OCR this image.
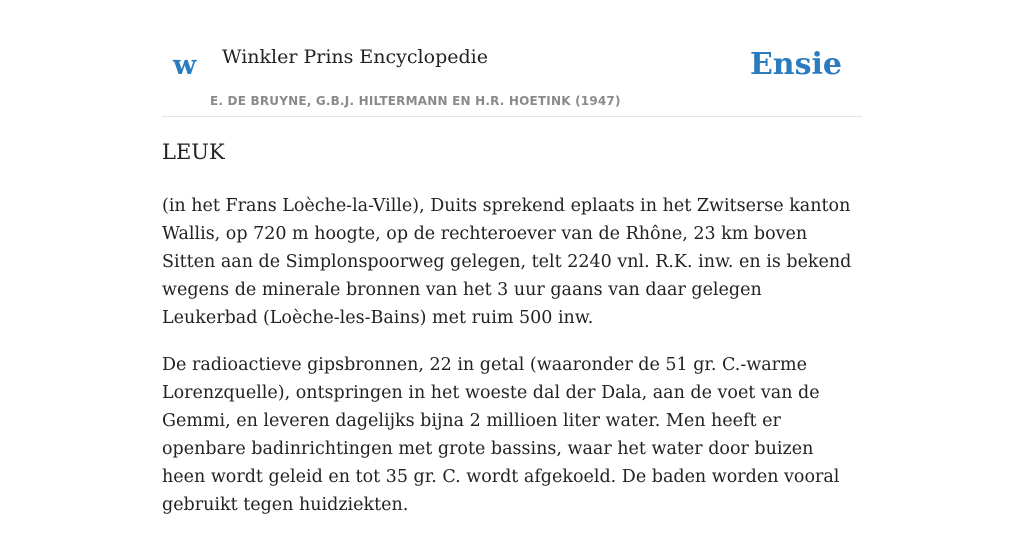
w Winkler Prins Encyclopedie
E. DE BRUYNE, G.B.J. HILTERMANN EN H.R. HOETINK (1947)
Ensie
LEUK

(in het Frans Loèche-la-Ville), Duits sprekend eplaats in het Zwitserse kanton Wallis, op 720 m hoogte, op de rechteroever van de Rhône, 23 km boven Sitten aan de Simplonspoorweg gelegen, telt 2240 vnl. R.K. inw. en is bekend wegens de minerale bronnen van het 3 uur gaans van daar gelegen Leukerbad (Loèche-les-Bains) met ruim 500 inw.

De radioactieve gipsbronnen, 22 in getal (waaronder de 51 gr. C.-warme Lorenzquelle), ontspringen in het woeste dal der Dala, aan de voet van de Gemmi, en leveren dagelijks bijna 2 millioen liter water. Men heeft er openbare badinrichtingen met grote bassins, waar het water door buizen heen wordt geleid en tot 35 gr. C. wordt afgekoeld. De baden worden vooral gebruikt tegen huidziekten.
